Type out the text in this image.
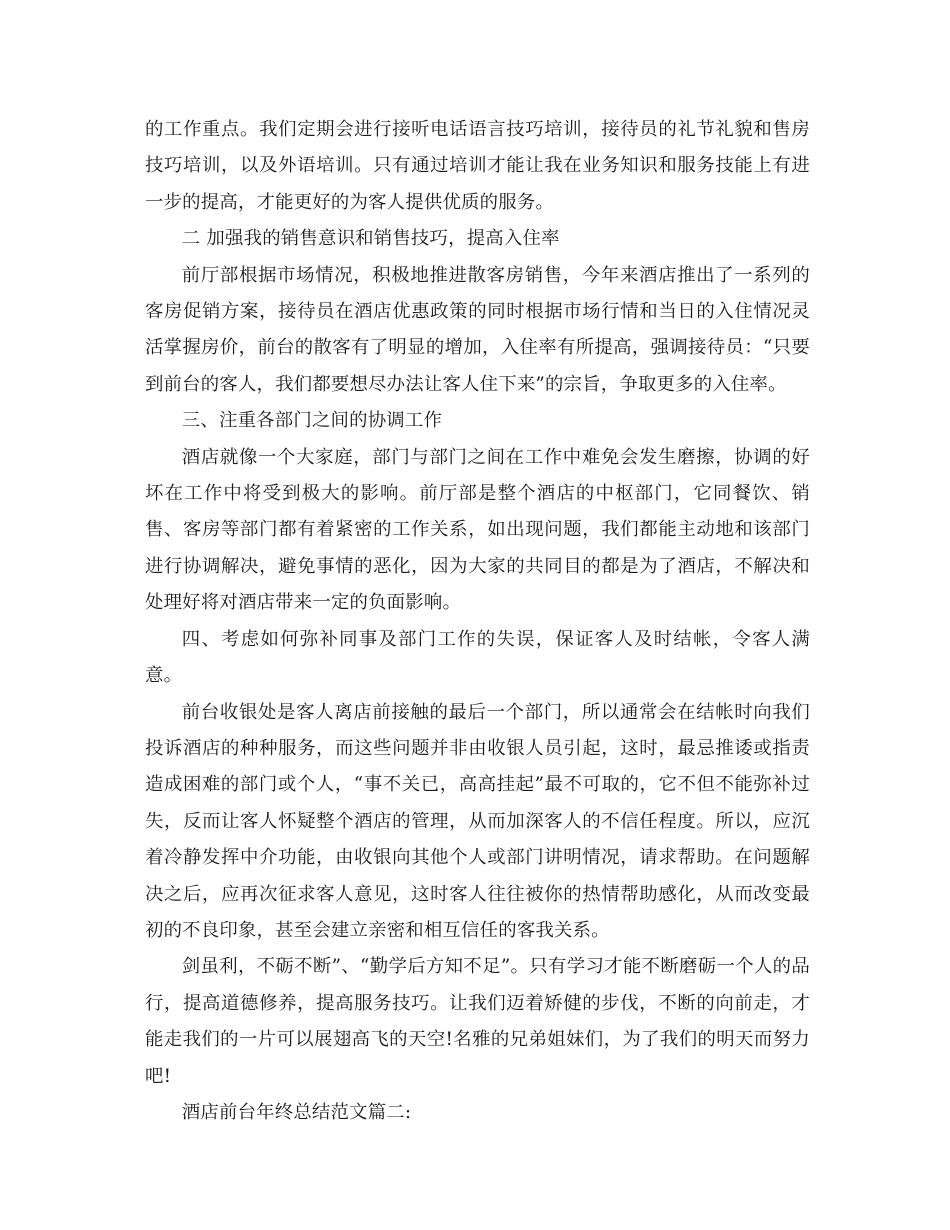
的工作重点。我们定期会进行接听电话语言技巧培训，接待员的礼节礼貌和售房技巧培训，以及外语培训。只有通过培训才能让我在业务知识和服务技能上有进一步的提高，才能更好的为客人提供优质的服务。

二 加强我的销售意识和销售技巧，提高入住率

前厅部根据市场情况，积极地推进散客房销售，今年来酒店推出了一系列的客房促销方案，接待员在酒店优惠政策的同时根据市场行情和当日的入住情况灵活掌握房价，前台的散客有了明显的增加，入住率有所提高，强调接待员：“只要到前台的客人，我们都要想尽办法让客人住下来”的宗旨，争取更多的入住率。

三、注重各部门之间的协调工作

酒店就像一个大家庭，部门与部门之间在工作中难免会发生磨擦，协调的好坏在工作中将受到极大的影响。前厅部是整个酒店的中枢部门，它同餐饮、销售、客房等部门都有着紧密的工作关系，如出现问题，我们都能主动地和该部门进行协调解决，避免事情的恶化，因为大家的共同目的都是为了酒店，不解决和处理好将对酒店带来一定的负面影响。

四、考虑如何弥补同事及部门工作的失误，保证客人及时结帐，令客人满意。

前台收银处是客人离店前接触的最后一个部门，所以通常会在结帐时向我们投诉酒店的种种服务，而这些问题并非由收银人员引起，这时，最忌推诿或指责造成困难的部门或个人，“事不关已，高高挂起”最不可取的，它不但不能弥补过失，反而让客人怀疑整个酒店的管理，从而加深客人的不信任程度。所以，应沉着冷静发挥中介功能，由收银向其他个人或部门讲明情况，请求帮助。在问题解决之后，应再次征求客人意见，这时客人往往被你的热情帮助感化，从而改变最初的不良印象，甚至会建立亲密和相互信任的客我关系。

剑虽利，不砺不断”、“勤学后方知不足”。只有学习才能不断磨砺一个人的品行，提高道德修养，提高服务技巧。让我们迈着矫健的步伐，不断的向前走，才能走我们的一片可以展翅高飞的天空!名雅的兄弟姐妹们，为了我们的明天而努力吧!

酒店前台年终总结范文篇二:
